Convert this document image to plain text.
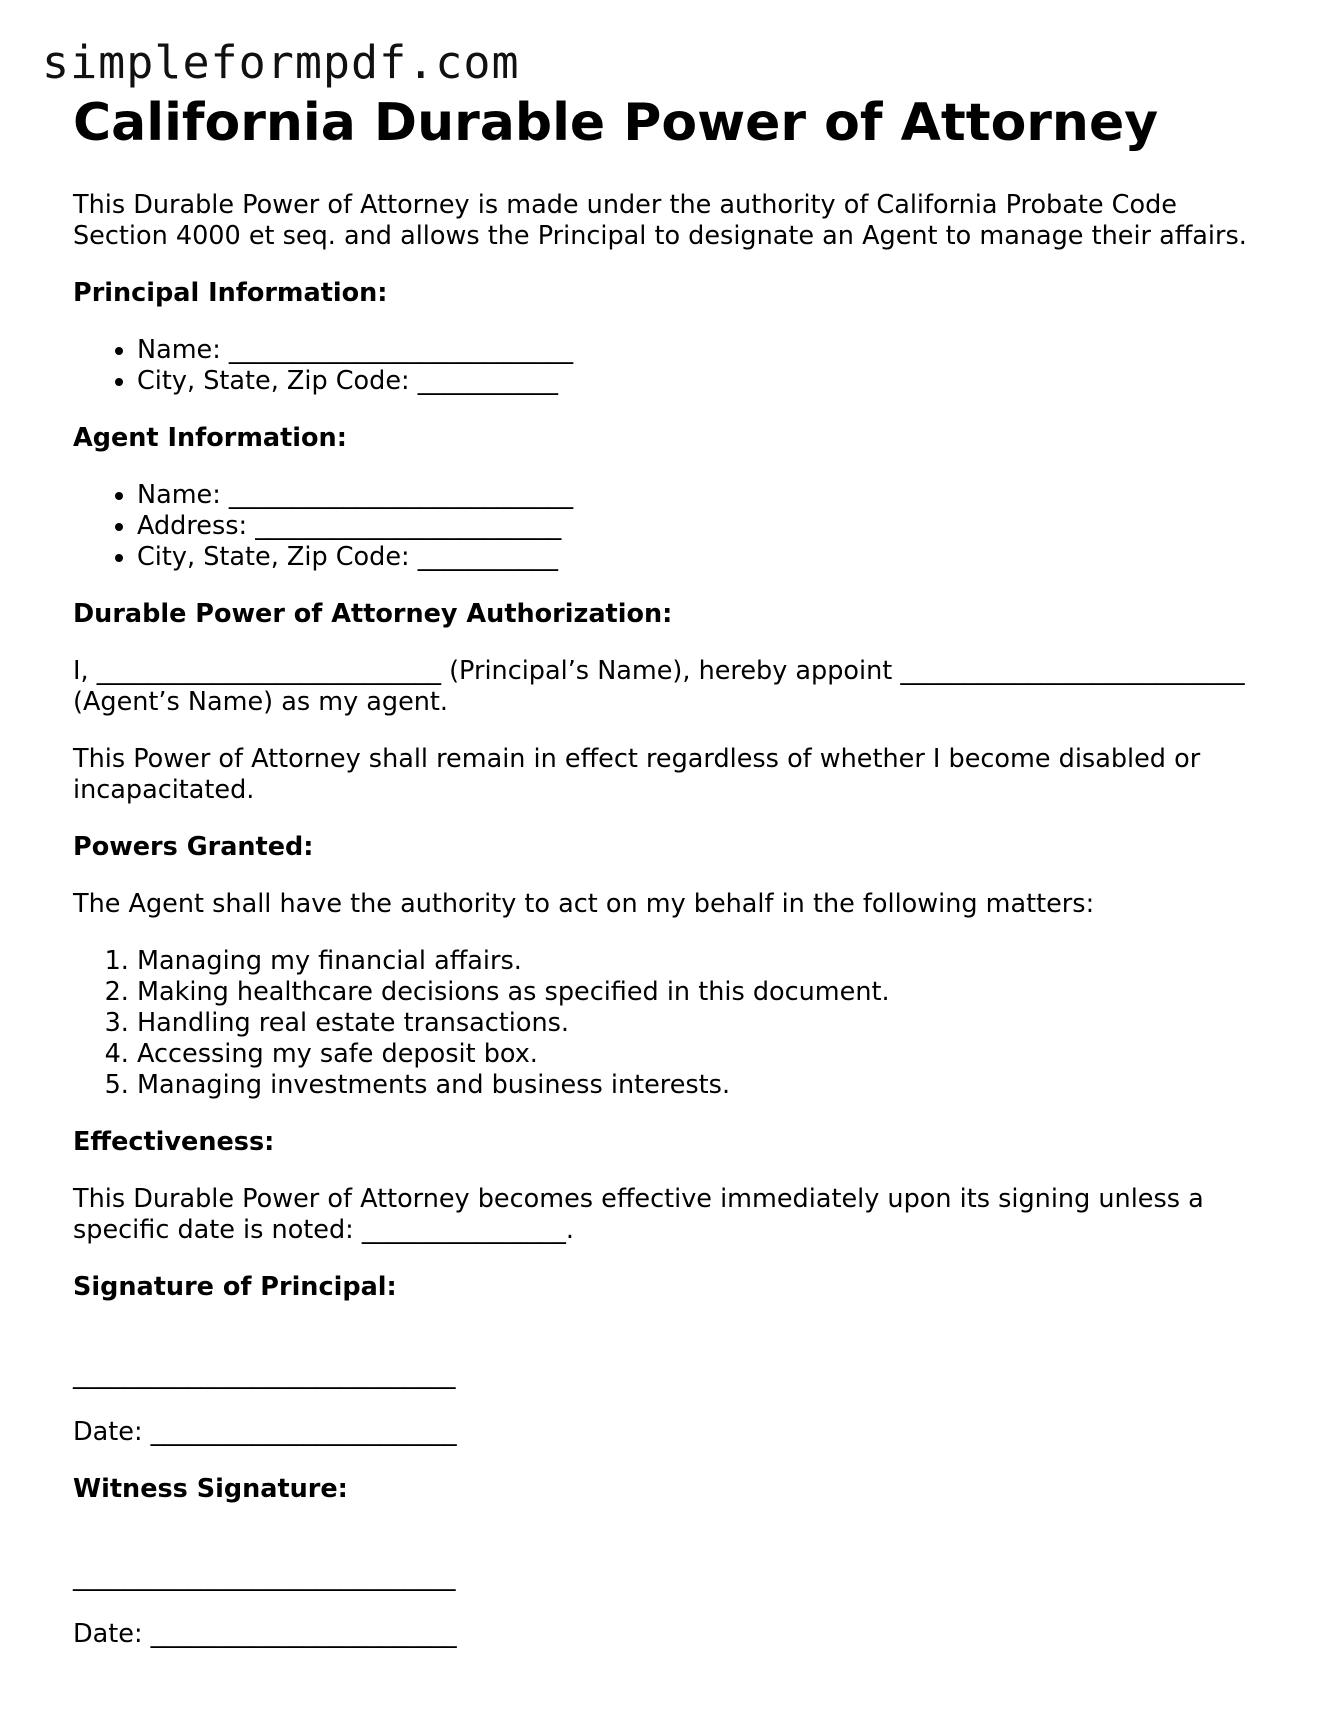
simpleformpdf.com
California Durable Power of Attorney

This Durable Power of Attorney is made under the authority of California Probate Code Section 4000 et seq. and allows the Principal to designate an Agent to manage their affairs.

Principal Information:
• Name: ___________________________
• City, State, Zip Code: ___________
Agent Information:
• Name: ___________________________
• Address: ________________________
• City, State, Zip Code: ___________
Durable Power of Attorney Authorization:

I, ___________________________ (Principal’s Name), hereby appoint ___________________________ (Agent’s Name) as my agent.

This Power of Attorney shall remain in effect regardless of whether I become disabled or incapacitated.

Powers Granted:

The Agent shall have the authority to act on my behalf in the following matters:

1. Managing my financial affairs.
2. Making healthcare decisions as specified in this document.
3. Handling real estate transactions.
4. Accessing my safe deposit box.
5. Managing investments and business interests.
Effectiveness:

This Durable Power of Attorney becomes effective immediately upon its signing unless a specific date is noted: ________________.

Signature of Principal:
______________________________
Date: ________________________
Witness Signature:
______________________________
Date: ________________________
